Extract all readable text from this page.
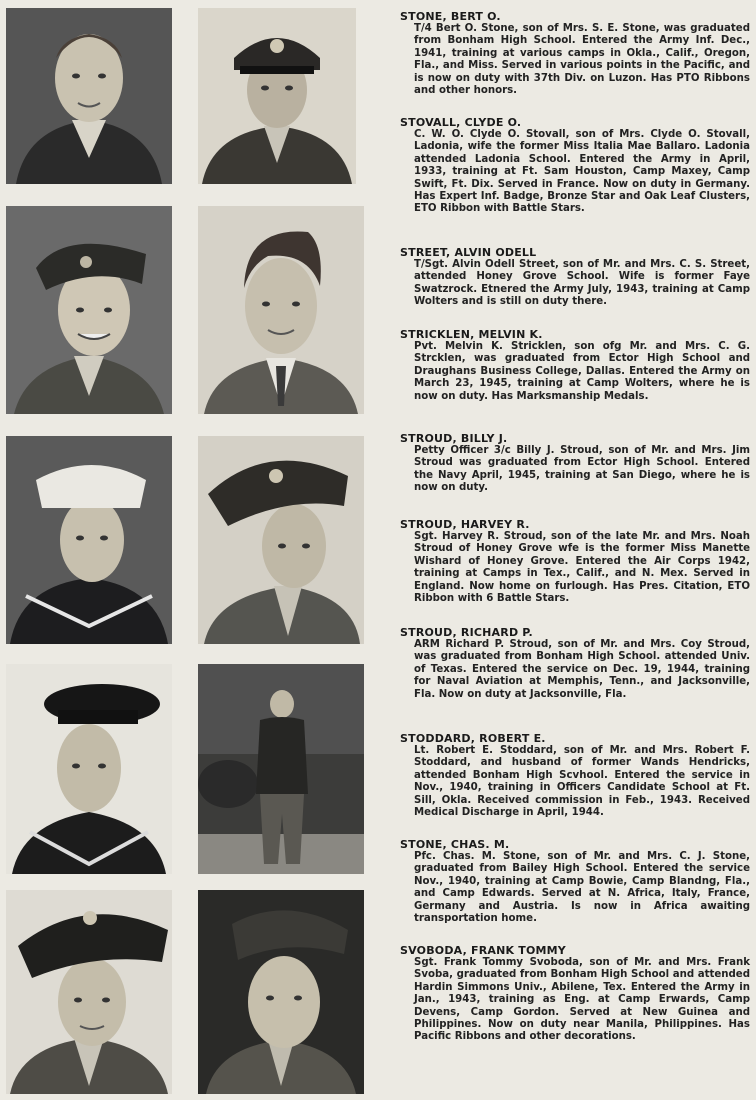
STONE, BERT O.

T/4 Bert O. Stone, son of Mrs. S. E. Stone, was graduated from Bonham High School. Entered the Army Inf. Dec., 1941, training at various camps in Okla., Calif., Oregon, Fla., and Miss. Served in various points in the Pacific, and is now on duty with 37th Div. on Luzon. Has PTO Ribbons and other honors.

STOVALL, CLYDE O.

C. W. O. Clyde O. Stovall, son of Mrs. Clyde O. Stovall, Ladonia, wife the former Miss Italia Mae Ballaro. Ladonia attended Ladonia School. Entered the Army in April, 1933, training at Ft. Sam Houston, Camp Maxey, Camp Swift, Ft. Dix. Served in France. Now on duty in Germany. Has Expert Inf. Badge, Bronze Star and Oak Leaf Clusters, ETO Ribbon with Battle Stars.

STREET, ALVIN ODELL

T/Sgt. Alvin Odell Street, son of Mr. and Mrs. C. S. Street, attended Honey Grove School. Wife is former Faye Swatzrock. Etnered the Army July, 1943, training at Camp Wolters and is still on duty there.

STRICKLEN, MELVIN K.

Pvt. Melvin K. Stricklen, son ofg Mr. and Mrs. C. G. Strcklen, was graduated from Ector High School and Draughans Business College, Dallas. Entered the Army on March 23, 1945, training at Camp Wolters, where he is now on duty. Has Marksmanship Medals.

STROUD, BILLY J.

Petty Officer 3/c Billy J. Stroud, son of Mr. and Mrs. Jim Stroud was graduated from Ector High School. Entered the Navy April, 1945, training at San Diego, where he is now on duty.

STROUD, HARVEY R.

Sgt. Harvey R. Stroud, son of the late Mr. and Mrs. Noah Stroud of Honey Grove wfe is the former Miss Manette Wishard of Honey Grove. Entered the Air Corps 1942, training at Camps in Tex., Calif., and N. Mex. Served in England. Now home on furlough. Has Pres. Citation, ETO Ribbon with 6 Battle Stars.

STROUD, RICHARD P.

ARM Richard P. Stroud, son of Mr. and Mrs. Coy Stroud, was graduated from Bonham High School. attended Univ. of Texas. Entered the service on Dec. 19, 1944, training for Naval Aviation at Memphis, Tenn., and Jacksonville, Fla. Now on duty at Jacksonville, Fla.

STODDARD, ROBERT E.

Lt. Robert E. Stoddard, son of Mr. and Mrs. Robert F. Stoddard, and husband of former Wands Hendricks, attended Bonham High Scvhool. Entered the service in Nov., 1940, training in Officers Candidate School at Ft. Sill, Okla. Received commission in Feb., 1943. Received Medical Discharge in April, 1944.

STONE, CHAS. M.

Pfc. Chas. M. Stone, son of Mr. and Mrs. C. J. Stone, graduated from Bailey High School. Entered the service Nov., 1940, training at Camp Bowie, Camp Blandng, Fla., and Camp Edwards. Served at N. Africa, Italy, France, Germany and Austria. Is now in Africa awaiting transportation home.

SVOBODA, FRANK TOMMY

Sgt. Frank Tommy Svoboda, son of Mr. and Mrs. Frank Svoba, graduated from Bonham High School and attended Hardin Simmons Univ., Abilene, Tex. Entered the Army in Jan., 1943, training as Eng. at Camp Erwards, Camp Devens, Camp Gordon. Served at New Guinea and Philippines. Now on duty near Manila, Philippines. Has Pacific Ribbons and other decorations.
